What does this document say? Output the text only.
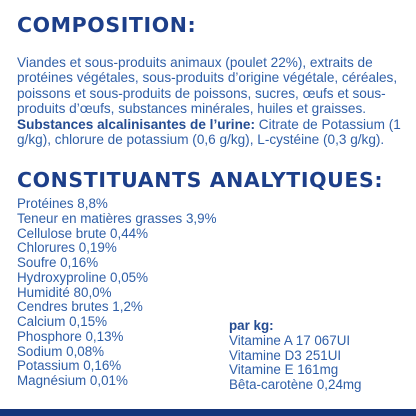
COMPOSITION:

Viandes et sous-produits animaux (poulet 22%), extraits de protéines végétales, sous-produits d’origine végétale, céréales, poissons et sous-produits de poissons, sucres, œufs et sous-produits d’œufs, substances minérales, huiles et graisses. Substances alcalinisantes de l’urine: Citrate de Potassium (1 g/kg), chlorure de potassium (0,6 g/kg), L-cystéine (0,3 g/kg).

CONSTITUANTS ANALYTIQUES:
Protéines 8,8%
Teneur en matières grasses 3,9%
Cellulose brute 0,44%
Chlorures 0,19%
Soufre 0,16%
Hydroxyproline 0,05%
Humidité 80,0%
Cendres brutes 1,2%
Calcium 0,15%
Phosphore 0,13%
Sodium 0,08%
Potassium 0,16%
Magnésium 0,01%
par kg:
Vitamine A 17 067UI
Vitamine D3 251UI
Vitamine E 161mg
Bêta-carotène 0,24mg
